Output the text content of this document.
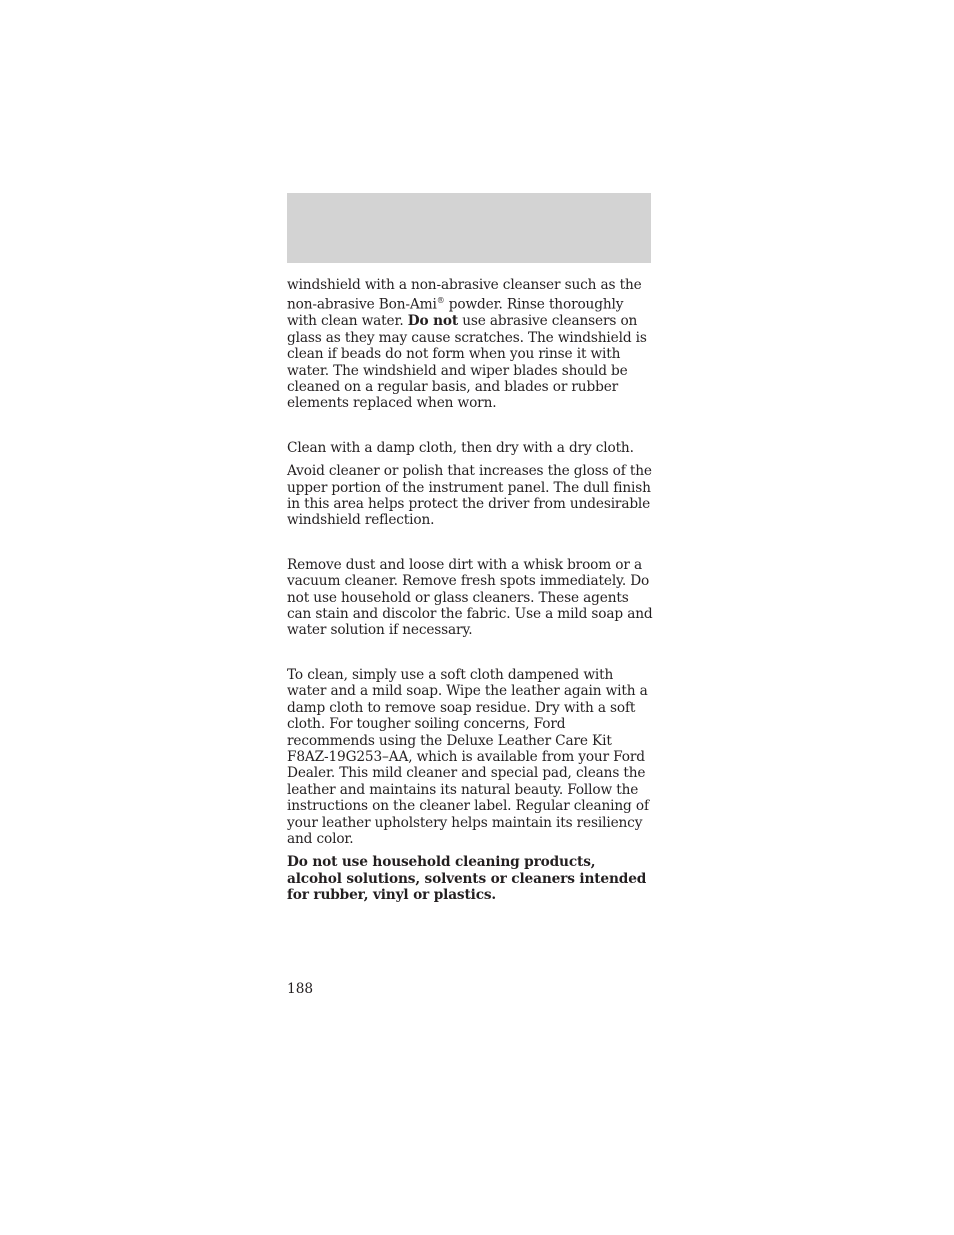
windshield with a non-abrasive cleanser such as the non-abrasive Bon-Ami® powder. Rinse thoroughly with clean water. Do not use abrasive cleansers on glass as they may cause scratches. The windshield is clean if beads do not form when you rinse it with water. The windshield and wiper blades should be cleaned on a regular basis, and blades or rubber elements replaced when worn.

Clean with a damp cloth, then dry with a dry cloth.

Avoid cleaner or polish that increases the gloss of the upper portion of the instrument panel. The dull finish in this area helps protect the driver from undesirable windshield reflection.

Remove dust and loose dirt with a whisk broom or a vacuum cleaner. Remove fresh spots immediately. Do not use household or glass cleaners. These agents can stain and discolor the fabric. Use a mild soap and water solution if necessary.

To clean, simply use a soft cloth dampened with water and a mild soap. Wipe the leather again with a damp cloth to remove soap residue. Dry with a soft cloth. For tougher soiling concerns, Ford recommends using the Deluxe Leather Care Kit F8AZ-19G253–AA, which is available from your Ford Dealer. This mild cleaner and special pad, cleans the leather and maintains its natural beauty. Follow the instructions on the cleaner label. Regular cleaning of your leather upholstery helps maintain its resiliency and color.

Do not use household cleaning products, alcohol solutions, solvents or cleaners intended for rubber, vinyl or plastics.

188
